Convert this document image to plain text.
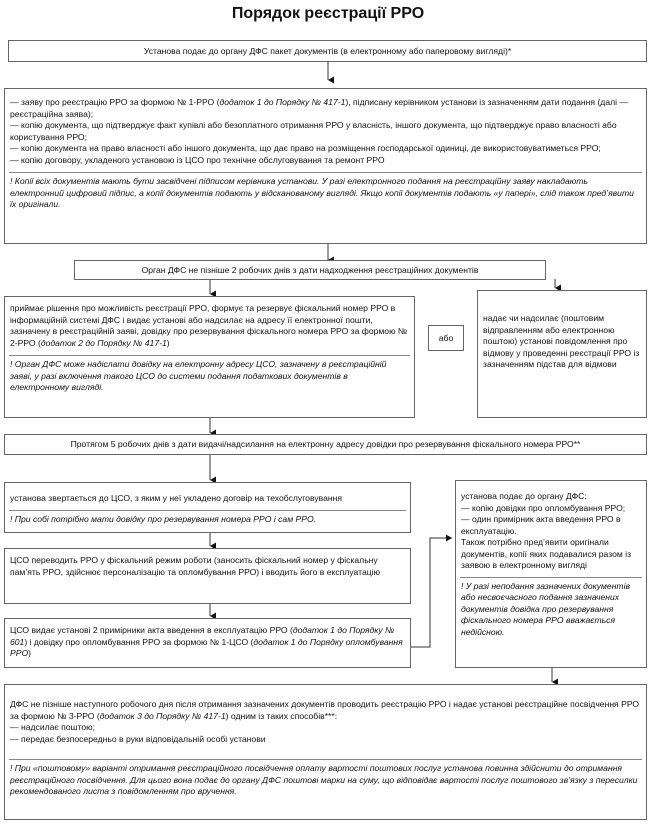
Порядок реєстрації РРО
Установа подає до органу ДФС пакет документів (в електронному або паперовому вигляді)*

— заяву про реєстрацію РРО за формою № 1-РРО (додаток 1 до Порядку № 417-1), підписану керівником установи із зазначенням дати подання (далі — реєстраційна заява);

— копію документа, що підтверджує факт купівлі або безоплатного отримання РРО у власність, іншого документа, що підтверджує право власності або користування РРО;

— копію документа на право власності або іншого документа, що дає право на розміщення господарської одиниці, де використовуватиметься РРО;

— копію договору, укладеного установою із ЦСО про технічне обслуговування та ремонт РРО

! Копії всіх документів мають бути засвідчені підписом керівника установи. У разі електронного подання на реєстраційну заяву накладають електронний цифровий підпис, а копії документів подають у відсканованому вигляді. Якщо копії документів подають «у папері», слід також пред’явити їх оригінали.

Орган ДФС не пізніше 2 робочих днів з дати надходження реєстраційних документів

приймає рішення про можливість реєстрації РРО, формує та резервує фіскальний номер РРО в інформаційній системі ДФС і видає установі або надсилає на адресу її електронної пошти, зазначену в реєстраційній заяві, довідку про резервування фіскального номера РРО за формою № 2-РРО (додаток 2 до Порядку № 417-1)

! Орган ДФС може надіслати довідку на електронну адресу ЦСО, зазначену в реєстраційній заяві, у разі включення такого ЦСО до системи подання податкових документів в електронному вигляді.

або

надає чи надсилає (поштовим відправленням або електронною поштою) установі повідомлення про відмову у проведенні реєстрації РРО із зазначенням підстав для відмови

Протягом 5 робочих днів з дати видачі/надсилання на електронну адресу довідки про резервування фіскального номера РРО**

установа звертається до ЦСО, з яким у неї укладено договір на техобслуговування

! При собі потрібно мати довідку про резервування номера РРО і сам РРО.

ЦСО переводить РРО у фіскальний режим роботи (заносить фіскальний номер у фіскальну пам’ять РРО, здійснює персоналізацію та опломбування РРО) і вводить його в експлуатацію

ЦСО видає установі 2 примірники акта введення в експлуатацію РРО (додаток 1 до Порядку № 601) і довідку про опломбування РРО за формою № 1-ЦСО (додаток 1 до Порядку опломбування РРО)

установа подає до органу ДФС:

— копію довідки про опломбування РРО;

— один примірник акта введення РРО в експлуатацію.

Також потрібно пред’явити оригінали документів, копії яких подавалися разом із заявою в електронному вигляді

! У разі неподання зазначених документів або несвоєчасного подання зазначених документів довідка про резервування фіскального номера РРО вважається недійсною.

ДФС не пізніше наступного робочого дня після отримання зазначених документів проводить реєстрацію РРО і надає установі реєстраційне посвідчення РРО за формою № 3-РРО (додаток 3 до Порядку № 417-1) одним із таких способів***:

— надсилає поштою;

— передає безпосередньо в руки відповідальній особі установи

! При «поштовому» варіанті отримання реєстраційного посвідчення оплату вартості поштових послуг установа повинна здійснити до отримання реєстраційного посвідчення. Для цього вона подає до органу ДФС поштові марки на суму, що відповідає вартості послуг поштового зв’язку з пересилки рекомендованого листа з повідомленням про вручення.
